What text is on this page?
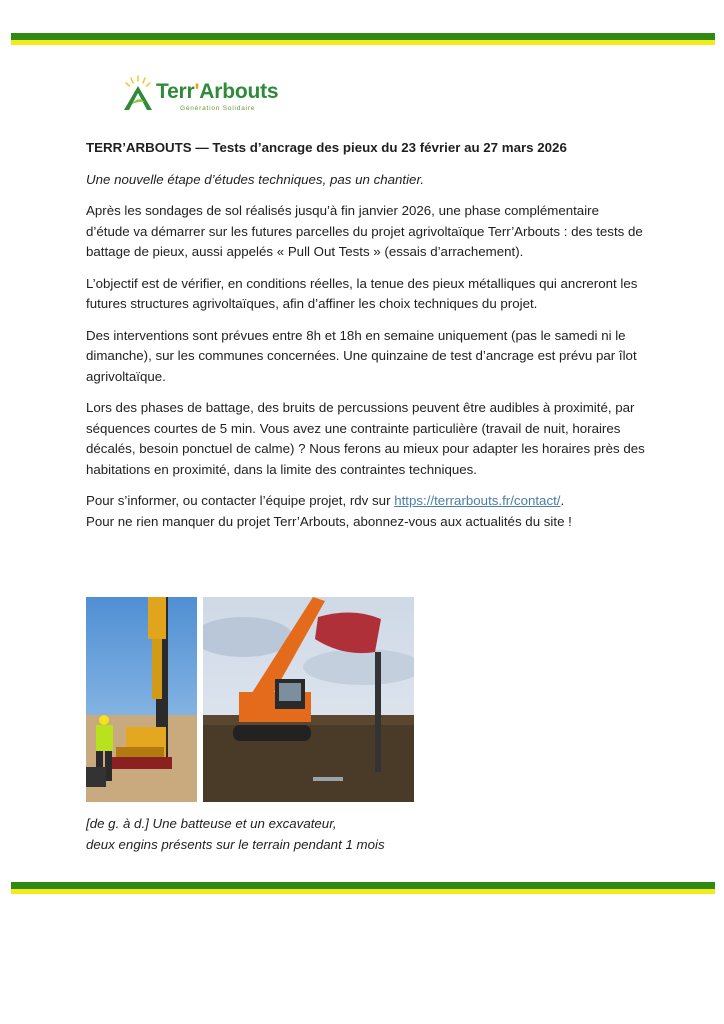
Terr'Arbouts
Génération Solidaire

TERR’ARBOUTS — Tests d’ancrage des pieux du 23 février au 27 mars 2026

Une nouvelle étape d’études techniques, pas un chantier.

Après les sondages de sol réalisés jusqu’à fin janvier 2026, une phase complémentaire d’étude va démarrer sur les futures parcelles du projet agrivoltaïque Terr’Arbouts : des tests de battage de pieux, aussi appelés « Pull Out Tests » (essais d’arrachement).

L’objectif est de vérifier, en conditions réelles, la tenue des pieux métalliques qui ancreront les futures structures agrivoltaïques, afin d’affiner les choix techniques du projet.

Des interventions sont prévues entre 8h et 18h en semaine uniquement (pas le samedi ni le dimanche), sur les communes concernées. Une quinzaine de test d’ancrage est prévu par îlot agrivoltaïque.

Lors des phases de battage, des bruits de percussions peuvent être audibles à proximité, par séquences courtes de 5 min. Vous avez une contrainte particulière (travail de nuit, horaires décalés, besoin ponctuel de calme) ? Nous ferons au mieux pour adapter les horaires près des habitations en proximité, dans la limite des contraintes techniques.

Pour s’informer, ou contacter l’équipe projet, rdv sur https://terrarbouts.fr/contact/.

Pour ne rien manquer du projet Terr’Arbouts, abonnez-vous aux actualités du site !

[de g. à d.] Une batteuse et un excavateur,
deux engins présents sur le terrain pendant 1 mois
